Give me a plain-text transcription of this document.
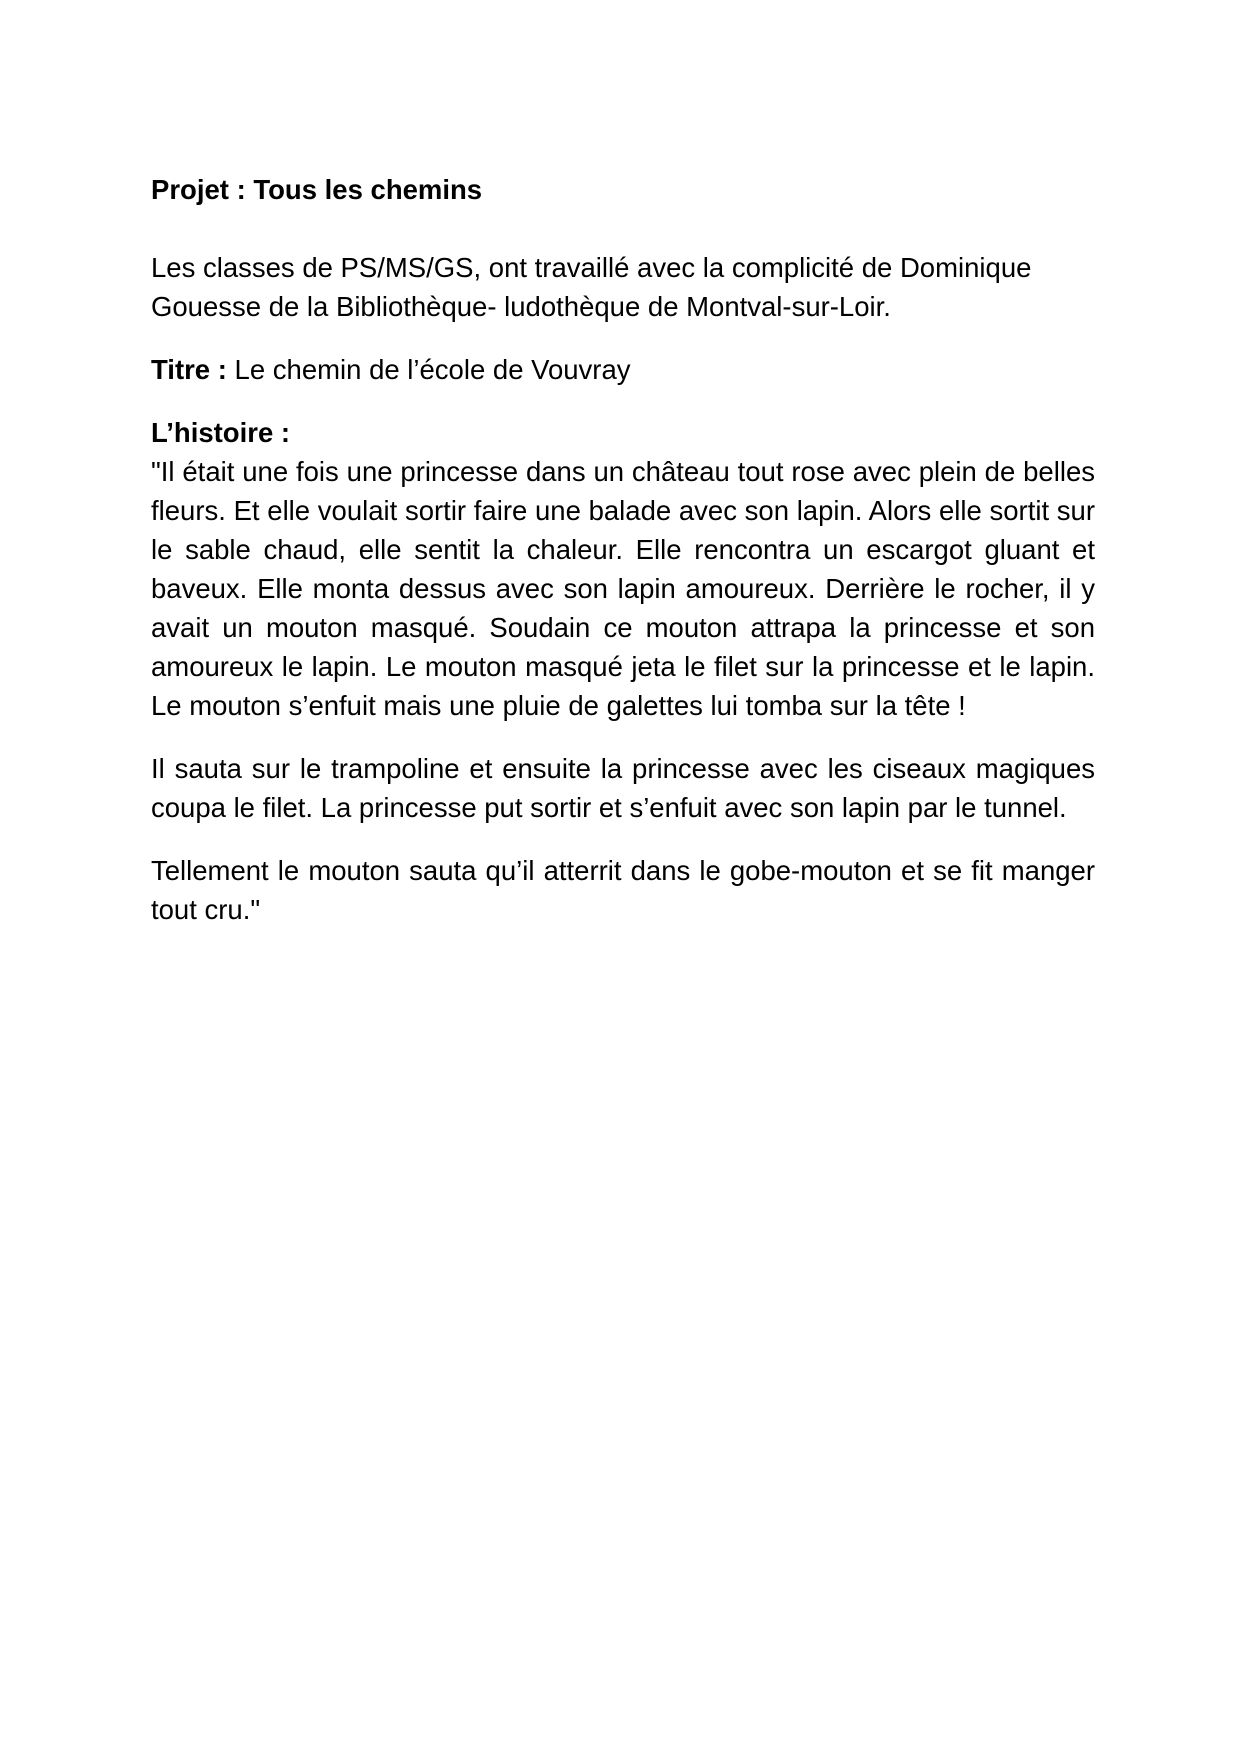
Projet : Tous les chemins

Les classes de PS/MS/GS, ont travaillé avec la complicité de Dominique Gouesse de la Bibliothèque- ludothèque de Montval-sur-Loir.

Titre : Le chemin de l’école de Vouvray

L’histoire :
"Il était une fois une princesse dans un château tout rose avec plein de belles fleurs. Et elle voulait sortir faire une balade avec son lapin. Alors elle sortit sur le sable chaud, elle sentit la chaleur. Elle rencontra un escargot gluant et baveux. Elle monta dessus avec son lapin amoureux. Derrière le rocher, il y avait un mouton masqué. Soudain ce mouton attrapa la princesse et son amoureux le lapin. Le mouton masqué jeta le filet sur la princesse et le lapin. Le mouton s’enfuit mais une pluie de galettes lui tomba sur la tête !

Il sauta sur le trampoline et ensuite la princesse avec les ciseaux magiques coupa le filet. La princesse put sortir et s’enfuit avec son lapin par le tunnel.

Tellement le mouton sauta qu’il atterrit dans le gobe-mouton et se fit manger tout cru."
